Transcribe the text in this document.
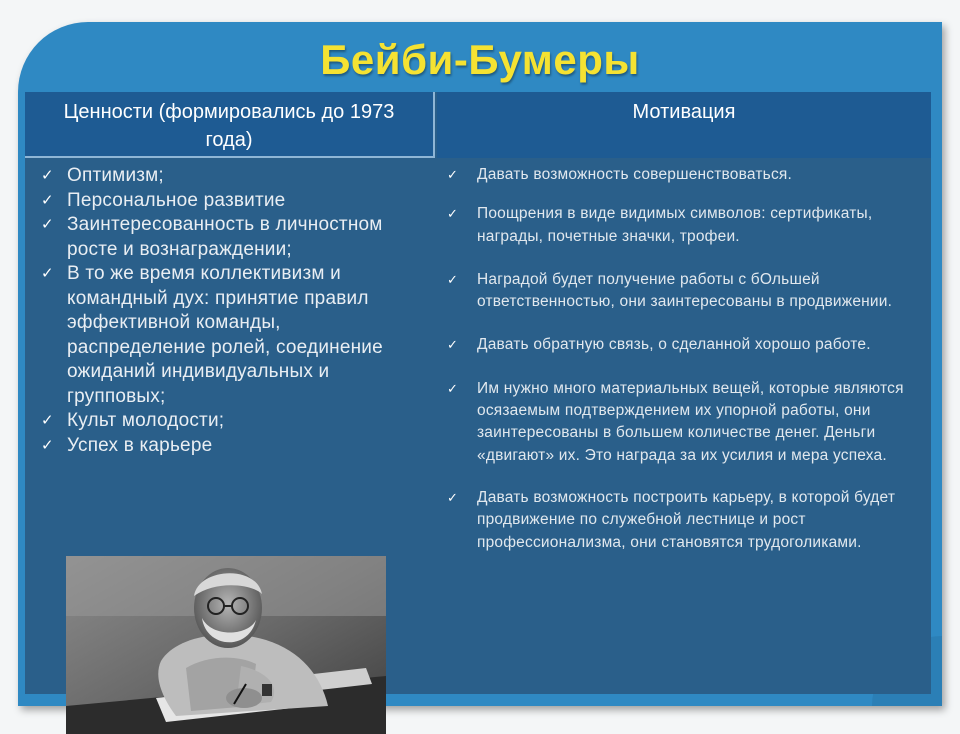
Бейби-Бумеры
Ценности (формировались до 1973 года)
Мотивация
✓ Оптимизм;
✓ Персональное развитие
✓ Заинтересованность в личностном росте и вознаграждении;
✓ В то же время коллективизм и командный дух: принятие правил эффективной команды, распределение ролей, соединение ожиданий индивидуальных и групповых;
✓ Культ молодости;
✓ Успех в карьере
✓ Давать возможность совершенствоваться.
✓ Поощрения в виде видимых символов: сертификаты, награды, почетные значки, трофеи.
✓ Наградой будет получение работы с бОльшей ответственностью, они заинтересованы в продвижении.
✓ Давать обратную связь, о сделанной хорошо работе.
✓ Им нужно много материальных вещей, которые являются осязаемым подтверждением их упорной работы, они заинтересованы в большем количестве денег. Деньги «двигают» их. Это награда за их усилия и мера успеха.
✓ Давать возможность построить карьеру, в которой будет продвижение по служебной лестнице и рост профессионализма, они становятся трудоголиками.
